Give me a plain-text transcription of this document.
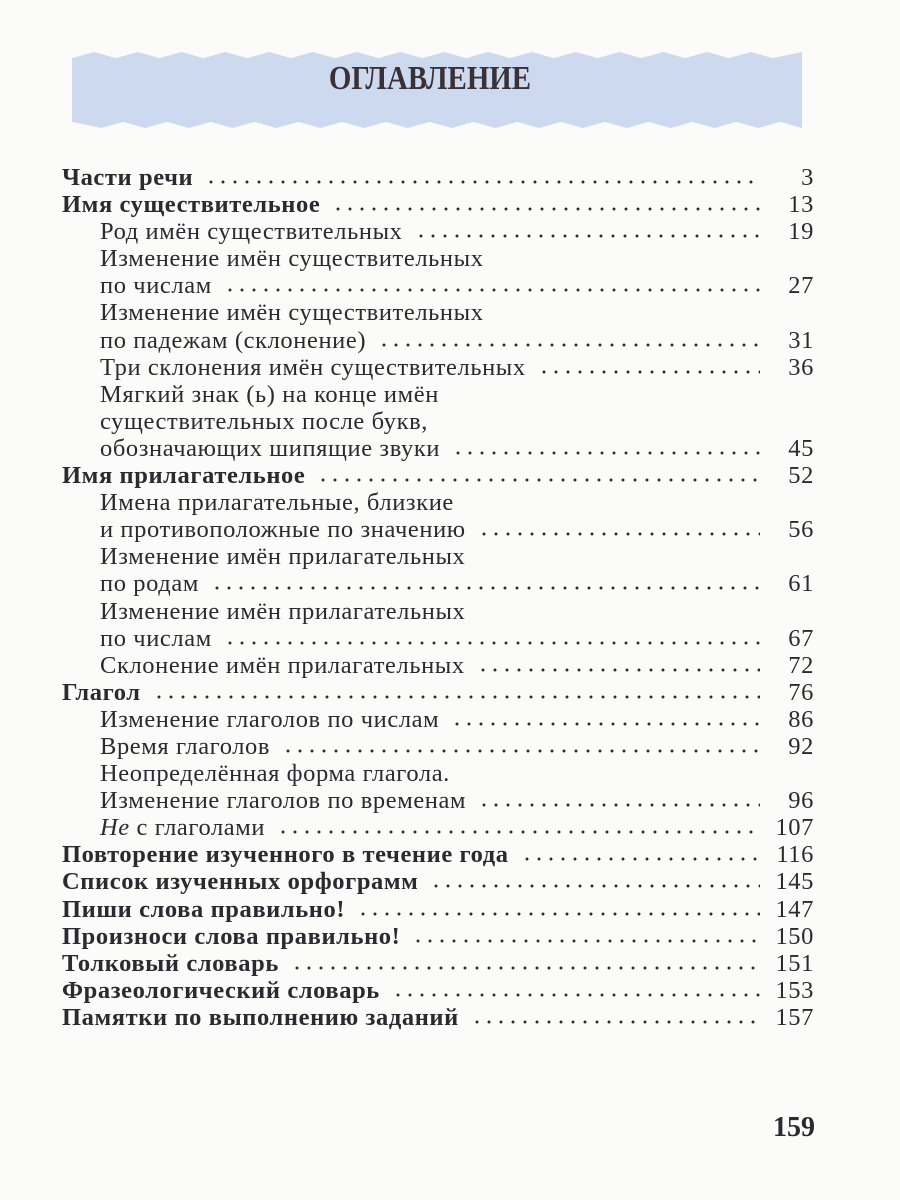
ОГЛАВЛЕНИЕ
Части речи	3
Имя существительное	13
Род имён существительных	19
Изменение имён существительных
по числам	27
Изменение имён существительных
по падежам (склонение)	31
Три склонения имён существительных	36
Мягкий знак (ь) на конце имён
существительных после букв,
обозначающих шипящие звуки	45
Имя прилагательное	52
Имена прилагательные, близкие
и противоположные по значению	56
Изменение имён прилагательных
по родам	61
Изменение имён прилагательных
по числам	67
Склонение имён прилагательных	72
Глагол	76
Изменение глаголов по числам	86
Время глаголов	92
Неопределённая форма глагола.
Изменение глаголов по временам	96
Не с глаголами	107
Повторение изученного в течение года	116
Список изученных орфограмм	145
Пиши слова правильно!	147
Произноси слова правильно!	150
Толковый словарь	151
Фразеологический словарь	153
Памятки по выполнению заданий	157
159
